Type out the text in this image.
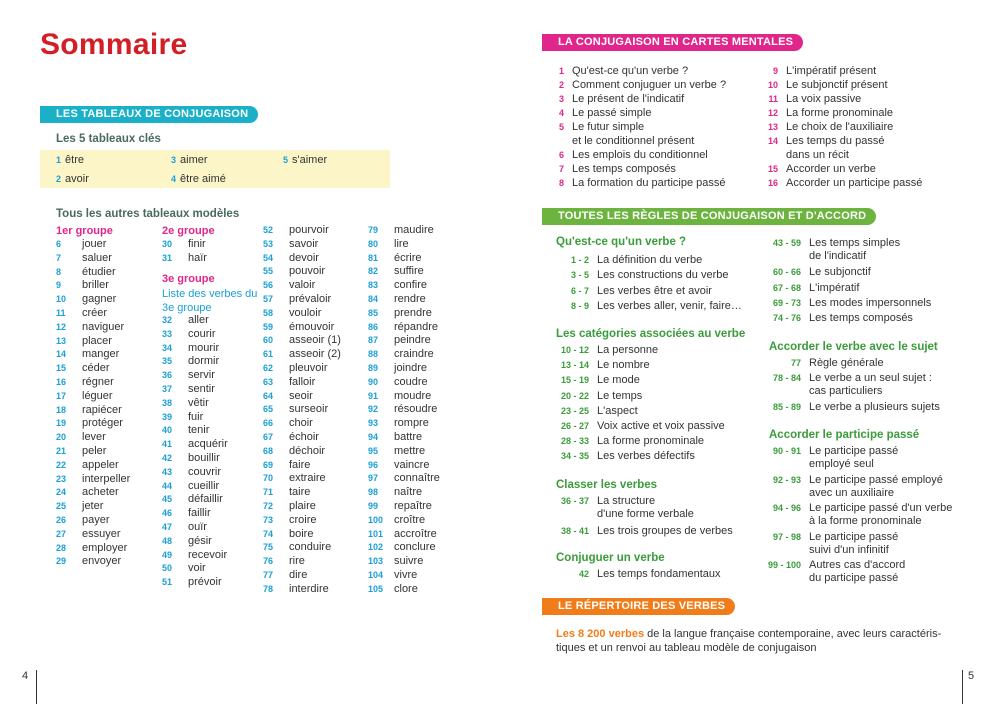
Sommaire
LES TABLEAUX DE CONJUGAISON
Les 5 tableaux clés
1 être	3 aimer	5 s'aimer
2 avoir	4 être aimé
Tous les autres tableaux modèles
1er groupe
6 jouer
7 saluer
8 étudier
9 briller
10 gagner
11 créer
12 naviguer
13 placer
14 manger
15 céder
16 régner
17 léguer
18 rapiécer
19 protéger
20 lever
21 peler
22 appeler
23 interpeller
24 acheter
25 jeter
26 payer
27 essuyer
28 employer
29 envoyer
2e groupe
30 finir
31 haïr
3e groupe
Liste des verbes du 3e groupe
32 aller
33 courir
34 mourir
35 dormir
36 servir
37 sentir
38 vêtir
39 fuir
40 tenir
41 acquérir
42 bouillir
43 couvrir
44 cueillir
45 défaillir
46 faillir
47 ouïr
48 gésir
49 recevoir
50 voir
51 prévoir
52 pourvoir
53 savoir
54 devoir
55 pouvoir
56 valoir
57 prévaloir
58 vouloir
59 émouvoir
60 asseoir (1)
61 asseoir (2)
62 pleuvoir
63 falloir
64 seoir
65 surseoir
66 choir
67 échoir
68 déchoir
69 faire
70 extraire
71 taire
72 plaire
73 croire
74 boire
75 conduire
76 rire
77 dire
78 interdire
79 maudire
80 lire
81 écrire
82 suffire
83 confire
84 rendre
85 prendre
86 répandre
87 peindre
88 craindre
89 joindre
90 coudre
91 moudre
92 résoudre
93 rompre
94 battre
95 mettre
96 vaincre
97 connaître
98 naître
99 repaître
100 croître
101 accroître
102 conclure
103 suivre
104 vivre
105 clore
4
LA CONJUGAISON EN CARTES MENTALES
1 Qu'est-ce qu'un verbe ?
2 Comment conjuguer un verbe ?
3 Le présent de l'indicatif
4 Le passé simple
5 Le futur simple
et le conditionnel présent
6 Les emplois du conditionnel
7 Les temps composés
8 La formation du participe passé
9 L'impératif présent
10 Le subjonctif présent
11 La voix passive
12 La forme pronominale
13 Le choix de l'auxiliaire
14 Les temps du passé
dans un récit
15 Accorder un verbe
16 Accorder un participe passé
TOUTES LES RÈGLES DE CONJUGAISON ET D'ACCORD
Qu'est-ce qu'un verbe ?
1 - 2 La définition du verbe
3 - 5 Les constructions du verbe
6 - 7 Les verbes être et avoir
8 - 9 Les verbes aller, venir, faire…
Les catégories associées au verbe
10 - 12 La personne
13 - 14 Le nombre
15 - 19 Le mode
20 - 22 Le temps
23 - 25 L'aspect
26 - 27 Voix active et voix passive
28 - 33 La forme pronominale
34 - 35 Les verbes défectifs
Classer les verbes
36 - 37 La structure
d'une forme verbale
38 - 41 Les trois groupes de verbes
Conjuguer un verbe
42 Les temps fondamentaux
43 - 59 Les temps simples
de l'indicatif
60 - 66 Le subjonctif
67 - 68 L'impératif
69 - 73 Les modes impersonnels
74 - 76 Les temps composés
Accorder le verbe avec le sujet
77 Règle générale
78 - 84 Le verbe a un seul sujet :
cas particuliers
85 - 89 Le verbe a plusieurs sujets
Accorder le participe passé
90 - 91 Le participe passé
employé seul
92 - 93 Le participe passé employé
avec un auxiliaire
94 - 96 Le participe passé d'un verbe
à la forme pronominale
97 - 98 Le participe passé
suivi d'un infinitif
99 - 100 Autres cas d'accord
du participe passé
LE RÉPERTOIRE DES VERBES
Les 8 200 verbes de la langue française contemporaine, avec leurs caractéris-
tiques et un renvoi au tableau modèle de conjugaison
5
